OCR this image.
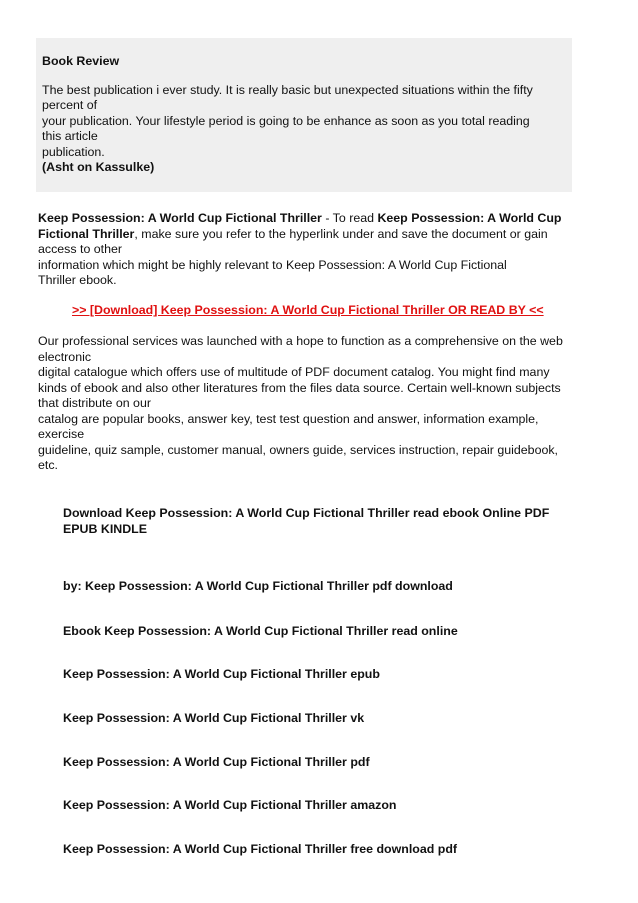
Book Review
The best publication i ever study. It is really basic but unexpected situations within the fifty
percent of
your publication. Your lifestyle period is going to be enhance as soon as you total reading
this article
publication.
(Asht on Kassulke)
Keep Possession: A World Cup Fictional Thriller - To read Keep Possession: A World Cup
Fictional Thriller, make sure you refer to the hyperlink under and save the document or gain
access to other
information which might be highly relevant to Keep Possession: A World Cup Fictional
Thriller ebook.
>> [Download] Keep Possession: A World Cup Fictional Thriller OR READ BY <<
Our professional services was launched with a hope to function as a comprehensive on the web
electronic
digital catalogue which offers use of multitude of PDF document catalog. You might find many
kinds of ebook and also other literatures from the files data source. Certain well-known subjects
that distribute on our
catalog are popular books, answer key, test test question and answer, information example,
exercise
guideline, quiz sample, customer manual, owners guide, services instruction, repair guidebook,
etc.
Download Keep Possession: A World Cup Fictional Thriller read ebook Online PDF
EPUB KINDLE
by: Keep Possession: A World Cup Fictional Thriller pdf download
Ebook Keep Possession: A World Cup Fictional Thriller read online
Keep Possession: A World Cup Fictional Thriller epub
Keep Possession: A World Cup Fictional Thriller vk
Keep Possession: A World Cup Fictional Thriller pdf
Keep Possession: A World Cup Fictional Thriller amazon
Keep Possession: A World Cup Fictional Thriller free download pdf
